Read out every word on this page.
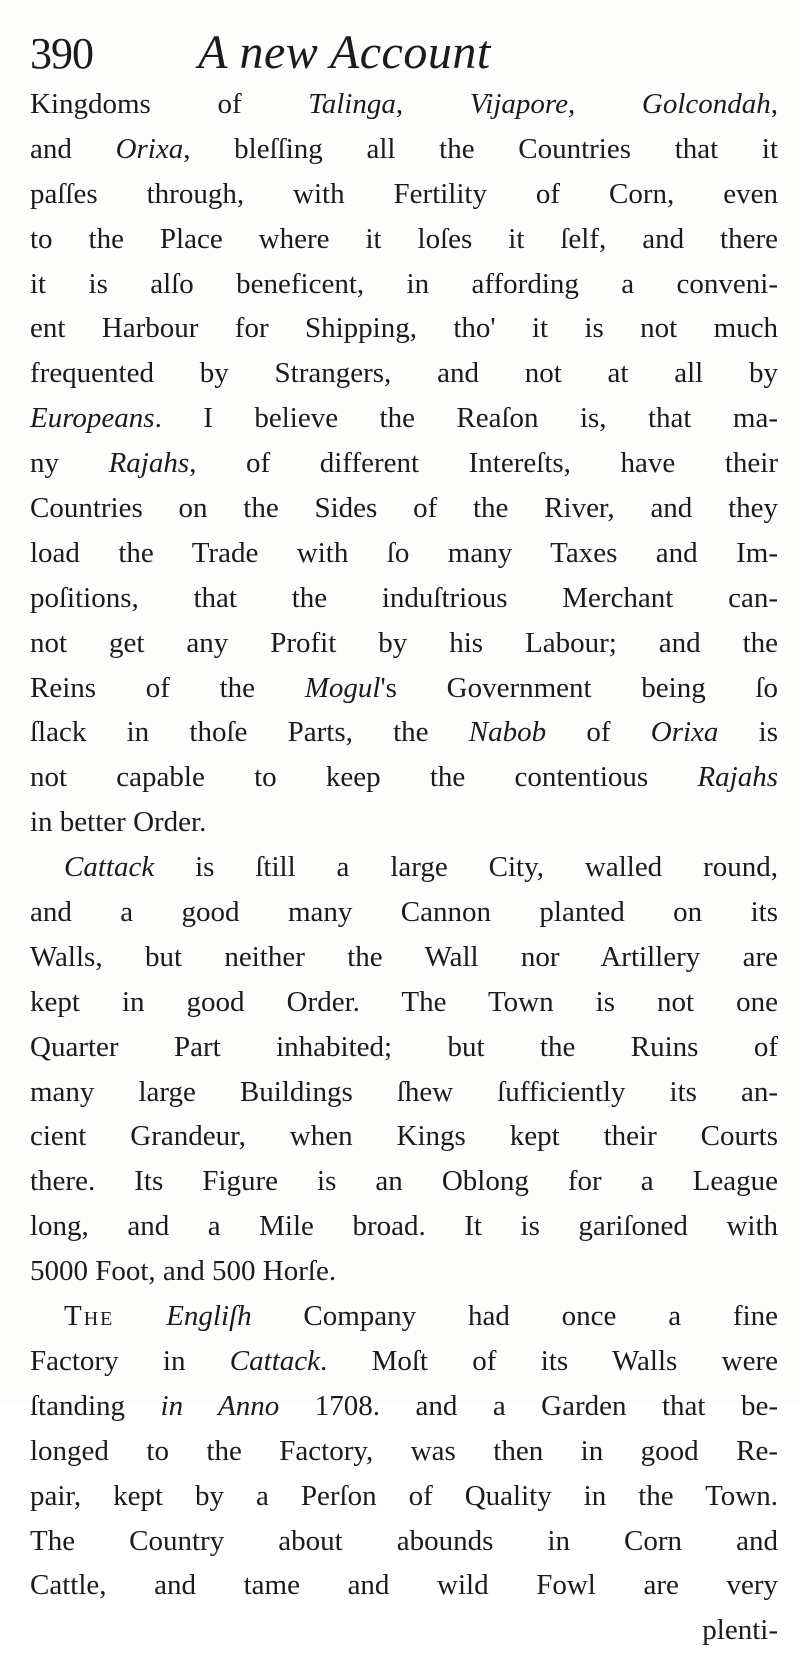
390 A new Account
Kingdoms of Talinga, Vijapore, Golcondah,
and Orixa, bleſſing all the Countries that it
paſſes through, with Fertility of Corn, even
to the Place where it loſes it ſelf, and there
it is alſo beneficent, in affording a conveni-
ent Harbour for Shipping, tho' it is not much
frequented by Strangers, and not at all by
Europeans. I believe the Reaſon is, that ma-
ny Rajahs, of different Intereſts, have their
Countries on the Sides of the River, and they
load the Trade with ſo many Taxes and Im-
poſitions, that the induſtrious Merchant can-
not get any Profit by his Labour; and the
Reins of the Mogul's Government being ſo
ſlack in thoſe Parts, the Nabob of Orixa is
not capable to keep the contentious Rajahs
in better Order.
Cattack is ſtill a large City, walled round,
and a good many Cannon planted on its
Walls, but neither the Wall nor Artillery are
kept in good Order. The Town is not one
Quarter Part inhabited; but the Ruins of
many large Buildings ſhew ſufficiently its an-
cient Grandeur, when Kings kept their Courts
there. Its Figure is an Oblong for a League
long, and a Mile broad. It is gariſoned with
5000 Foot, and 500 Horſe.
The Engliſh Company had once a fine
Factory in Cattack. Moſt of its Walls were
ſtanding in Anno 1708. and a Garden that be-
longed to the Factory, was then in good Re-
pair, kept by a Perſon of Quality in the Town.
The Country about abounds in Corn and
Cattle, and tame and wild Fowl are very
plenti-
